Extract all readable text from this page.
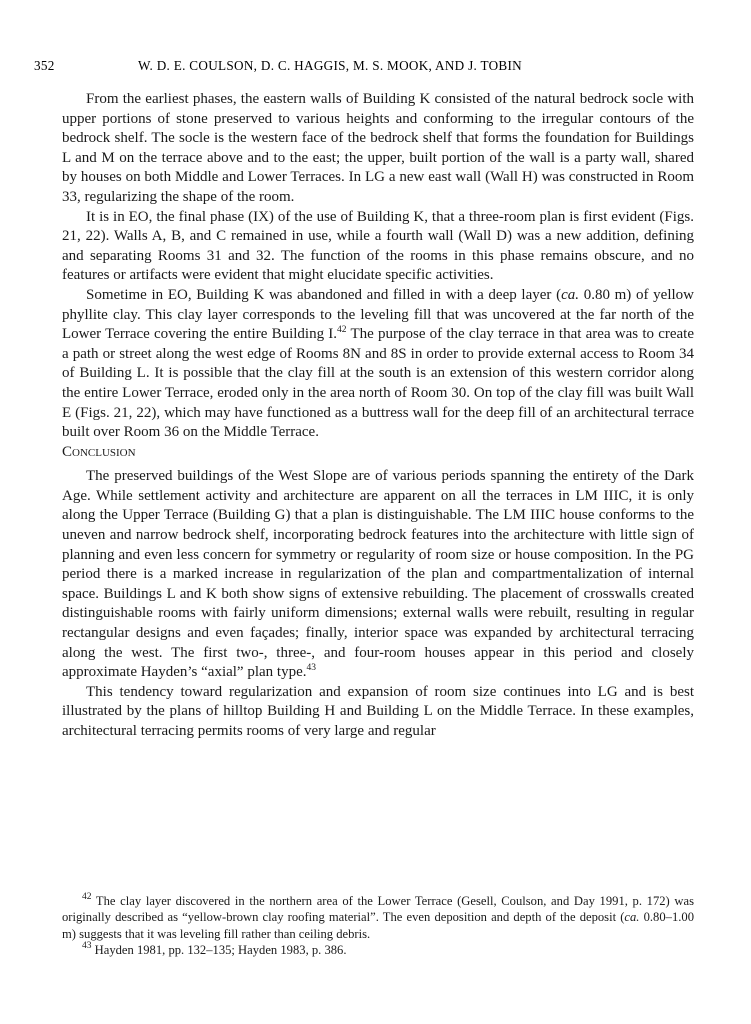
352	W. D. E. COULSON, D. C. HAGGIS, M. S. MOOK, AND J. TOBIN

From the earliest phases, the eastern walls of Building K consisted of the natural bedrock socle with upper portions of stone preserved to various heights and conforming to the irregular contours of the bedrock shelf. The socle is the western face of the bedrock shelf that forms the foundation for Buildings L and M on the terrace above and to the east; the upper, built portion of the wall is a party wall, shared by houses on both Middle and Lower Terraces. In LG a new east wall (Wall H) was constructed in Room 33, regularizing the shape of the room.

It is in EO, the final phase (IX) of the use of Building K, that a three-room plan is first evident (Figs. 21, 22). Walls A, B, and C remained in use, while a fourth wall (Wall D) was a new addition, defining and separating Rooms 31 and 32. The function of the rooms in this phase remains obscure, and no features or artifacts were evident that might elucidate specific activities.

Sometime in EO, Building K was abandoned and filled in with a deep layer (ca. 0.80 m) of yellow phyllite clay. This clay layer corresponds to the leveling fill that was uncovered at the far north of the Lower Terrace covering the entire Building I.$^{42}$ The purpose of the clay terrace in that area was to create a path or street along the west edge of Rooms 8N and 8S in order to provide external access to Room 34 of Building L. It is possible that the clay fill at the south is an extension of this western corridor along the entire Lower Terrace, eroded only in the area north of Room 30. On top of the clay fill was built Wall E (Figs. 21, 22), which may have functioned as a buttress wall for the deep fill of an architectural terrace built over Room 36 on the Middle Terrace.

Conclusion

The preserved buildings of the West Slope are of various periods spanning the entirety of the Dark Age. While settlement activity and architecture are apparent on all the terraces in LM IIIC, it is only along the Upper Terrace (Building G) that a plan is distinguishable. The LM IIIC house conforms to the uneven and narrow bedrock shelf, incorporating bedrock features into the architecture with little sign of planning and even less concern for symmetry or regularity of room size or house composition. In the PG period there is a marked increase in regularization of the plan and compartmentalization of internal space. Buildings L and K both show signs of extensive rebuilding. The placement of crosswalls created distinguishable rooms with fairly uniform dimensions; external walls were rebuilt, resulting in regular rectangular designs and even façades; finally, interior space was expanded by architectural terracing along the west. The first two-, three-, and four-room houses appear in this period and closely approximate Hayden’s “axial” plan type.$^{43}$

This tendency toward regularization and expansion of room size continues into LG and is best illustrated by the plans of hilltop Building H and Building L on the Middle Terrace. In these examples, architectural terracing permits rooms of very large and regular

$^{42}$ The clay layer discovered in the northern area of the Lower Terrace (Gesell, Coulson, and Day 1991, p. 172) was originally described as “yellow-brown clay roofing material”. The even deposition and depth of the deposit (ca. 0.80–1.00 m) suggests that it was leveling fill rather than ceiling debris.

$^{43}$ Hayden 1981, pp. 132–135; Hayden 1983, p. 386.
